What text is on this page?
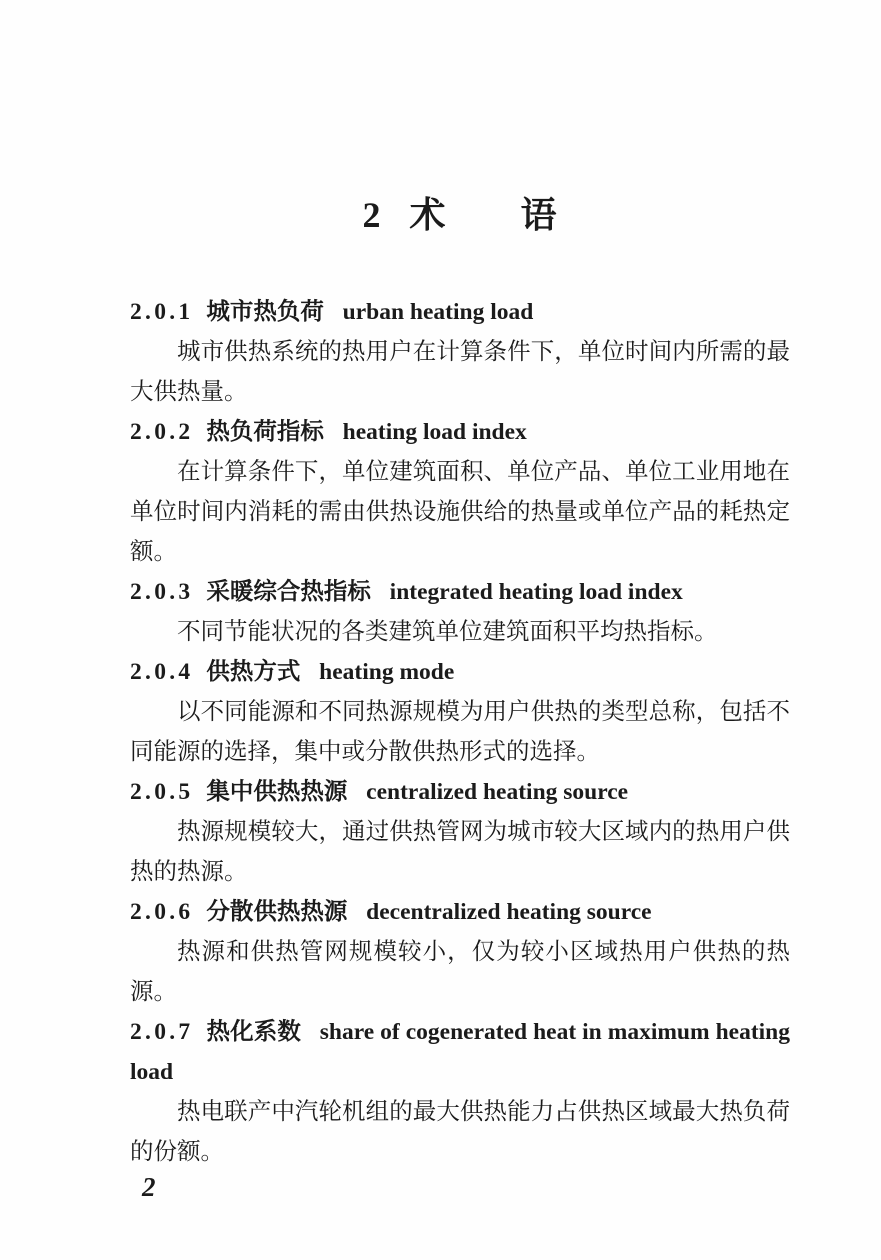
2 术　　语
2.0.1 城市热负荷 urban heating load

城市供热系统的热用户在计算条件下，单位时间内所需的最大供热量。

2.0.2 热负荷指标 heating load index

在计算条件下，单位建筑面积、单位产品、单位工业用地在单位时间内消耗的需由供热设施供给的热量或单位产品的耗热定额。

2.0.3 采暖综合热指标 integrated heating load index

不同节能状况的各类建筑单位建筑面积平均热指标。

2.0.4 供热方式 heating mode

以不同能源和不同热源规模为用户供热的类型总称，包括不同能源的选择，集中或分散供热形式的选择。

2.0.5 集中供热热源 centralized heating source

热源规模较大，通过供热管网为城市较大区域内的热用户供热的热源。

2.0.6 分散供热热源 decentralized heating source

热源和供热管网规模较小，仅为较小区域热用户供热的热源。

2.0.7 热化系数 share of cogenerated heat in maximum heating load

热电联产中汽轮机组的最大供热能力占供热区域最大热负荷的份额。

2
